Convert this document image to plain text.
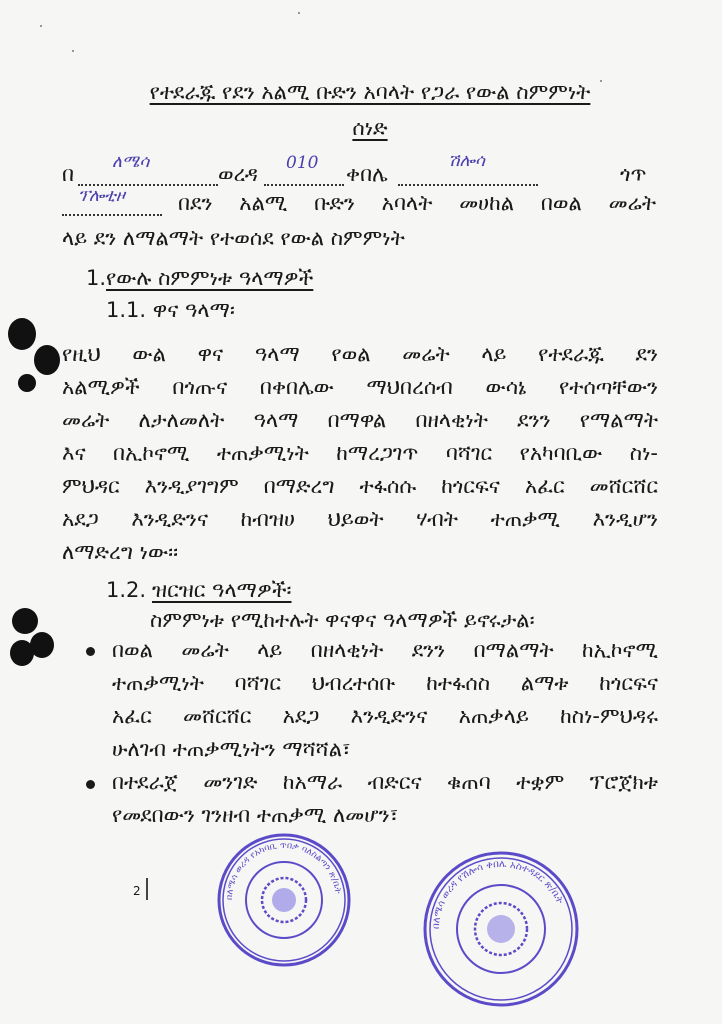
የተደራጁ የደን አልሚ ቡድን አባላት የጋራ የውል ስምምነት
ሰነድ
በ ለሜሳ	ወረዳ 010 ቀበሌ
ሽሎሳ
ጎጥ
ፕሎቲዞ	በደን አልሚ ቡድን አባላት መሀከል በወል መሬት
ላይ ደን ለማልማት የተወሰደ የውል ስምምነት
1. የውሉ ስምምነቱ ዓላማዎች
1.1. ዋና ዓላማ፡
የዚህ ውል ዋና ዓላማ የወል መሬት ላይ የተደራጁ ደን
አልሚዎች በጎጡና በቀበሌው ማህበረሰብ ውሳኔ የተሰጣቸውን
መሬት ለታለመለት ዓላማ በማዋል በዘላቂነት ደንን የማልማት
እና በኢኮኖሚ ተጠቃሚነት ከማረጋገጥ ባሻገር የአካባቢው ስነ-
ምህዳር እንዲያገግም በማድረግ ተፋሰሱ ከጎርፍና አፈር መሸርሸር
አደጋ እንዲድንና ከብዝሀ ህይወት ሃብት ተጠቃሚ እንዲሆን
ለማድረግ ነው፡፡
1.2. ዝርዝር ዓላማዎች፡
ስምምነቱ የሚከተሉት ዋናዋና ዓላማዎች ይኖሩታል፡
በወል መሬት ላይ በዘላቂነት ደንን በማልማት ከኢኮኖሚ
ተጠቃሚነት ባሻገር ህብረተሰቡ ከተፋሰስ ልማቱ ከጎርፍና
አፈር መሸርሸር አደጋ እንዲድንና አጠቃላይ ከስነ-ምህዳሩ
ሁለገብ ተጠቃሚነትን ማሻሻል፣
በተደራጀ መንገድ ከአማራ ብድርና ቁጠባ ተቋም ፕሮጀክቱ
የመደበውን ገንዘብ ተጠቃሚ ለመሆን፣
2	በለሜሳ ወረዳ የአካባቢ ጥበቃ ባለስልጣን ጽ/ቤት
በለሜሳ ወረዳ የሽሎሳ ቀበሌ አስተዳደር ጽ/ቤት
